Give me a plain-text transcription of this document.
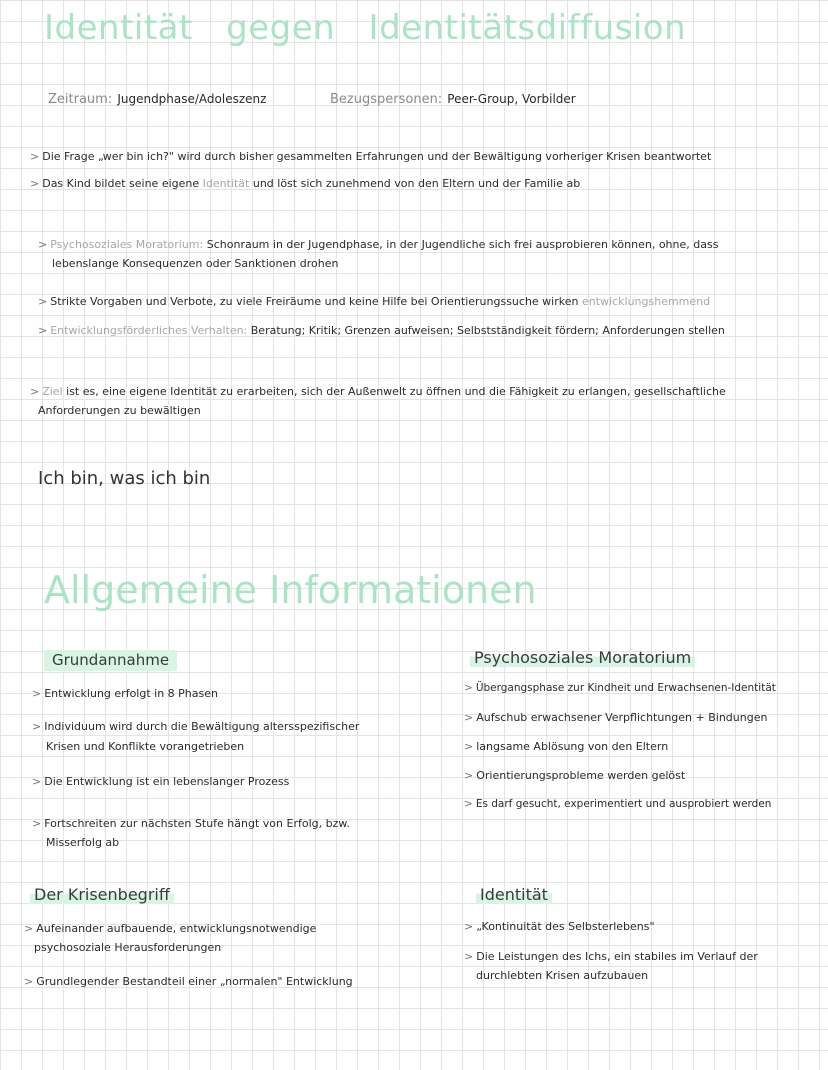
Identität gegen Identitätsdiffusion
Zeitraum: Jugendphase/Adoleszenz	Bezugspersonen: Peer-Group, Vorbilder
> Die Frage „wer bin ich?" wird durch bisher gesammelten Erfahrungen und der Bewältigung vorheriger Krisen beantwortet
> Das Kind bildet seine eigene Identität und löst sich zunehmend von den Eltern und der Familie ab
> Psychosoziales Moratorium: Schonraum in der Jugendphase, in der Jugendliche sich frei ausprobieren können, ohne, dass
lebenslange Konsequenzen oder Sanktionen drohen
> Strikte Vorgaben und Verbote, zu viele Freiräume und keine Hilfe bei Orientierungssuche wirken entwicklungshemmend
> Entwicklungsförderliches Verhalten: Beratung; Kritik; Grenzen aufweisen; Selbstständigkeit fördern; Anforderungen stellen
> Ziel ist es, eine eigene Identität zu erarbeiten, sich der Außenwelt zu öffnen und die Fähigkeit zu erlangen, gesellschaftliche
Anforderungen zu bewältigen
Ich bin, was ich bin
Allgemeine Informationen
Grundannahme
> Entwicklung erfolgt in 8 Phasen
> Individuum wird durch die Bewältigung altersspezifischer
Krisen und Konflikte vorangetrieben
> Die Entwicklung ist ein lebenslanger Prozess
> Fortschreiten zur nächsten Stufe hängt von Erfolg, bzw.
Misserfolg ab
Psychosoziales Moratorium
> Übergangsphase zur Kindheit und Erwachsenen-Identität
> Aufschub erwachsener Verpflichtungen + Bindungen
> langsame Ablösung von den Eltern
> Orientierungsprobleme werden gelöst
> Es darf gesucht, experimentiert und ausprobiert werden
Der Krisenbegriff
> Aufeinander aufbauende, entwicklungsnotwendige
psychosoziale Herausforderungen
> Grundlegender Bestandteil einer „normalen" Entwicklung
Identität
> „Kontinuität des Selbsterlebens"
> Die Leistungen des Ichs, ein stabiles im Verlauf der
durchlebten Krisen aufzubauen
